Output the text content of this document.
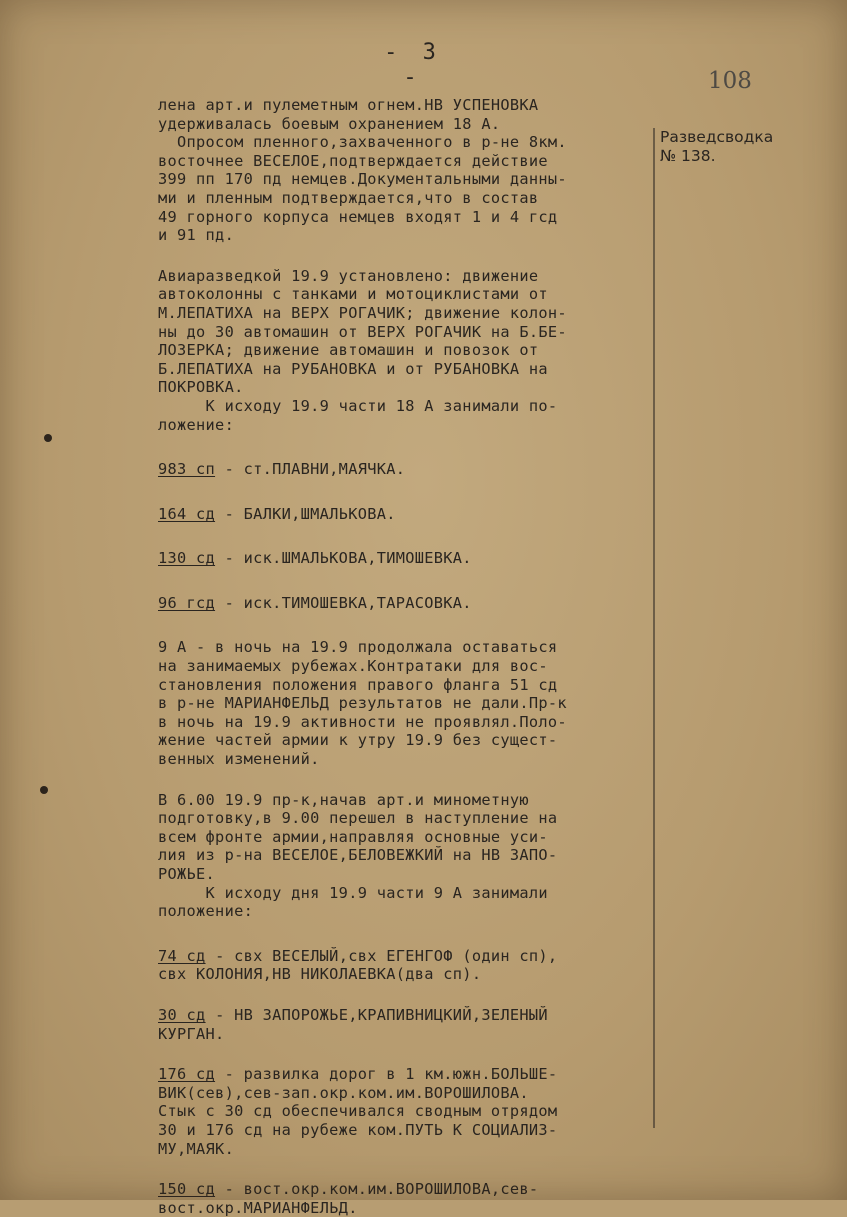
- 3 -	108
Разведсводка
№ 138.
лена арт.и пулеметным огнем.НВ УСПЕНОВКА
удерживалась боевым охранением 18 А.
Опросом пленного,захваченного в р-не 8км.
восточнее ВЕСЕЛОЕ,подтверждается действие
399 пп 170 пд немцев.Документальными данны-
ми и пленным подтверждается,что в состав
49 горного корпуса немцев входят 1 и 4 гсд
и 91 пд.
Авиаразведкой 19.9 установлено: движение
автоколонны с танками и мотоциклистами от
М.ЛЕПАТИХА на ВЕРХ РОГАЧИК; движение колон-
ны до 30 автомашин от ВЕРХ РОГАЧИК на Б.БЕ-
ЛОЗЕРКА; движение автомашин и повозок от
Б.ЛЕПАТИХА на РУБАНОВКА и от РУБАНОВКА на
ПОКРОВКА.
К исходу 19.9 части 18 А занимали по-
ложение:
983 сп - ст.ПЛАВНИ,МАЯЧКА.
164 сд - БАЛКИ,ШМАЛЬКОВА.
130 сд - иск.ШМАЛЬКОВА,ТИМОШЕВКА.
96 гсд - иск.ТИМОШЕВКА,ТАРАСОВКА.
9 А - в ночь на 19.9 продолжала оставаться
на занимаемых рубежах.Контратаки для вос-
становления положения правого фланга 51 сд
в р-не МАРИАНФЕЛЬД результатов не дали.Пр-к
в ночь на 19.9 активности не проявлял.Поло-
жение частей армии к утру 19.9 без сущест-
венных изменений.
В 6.00 19.9 пр-к,начав арт.и минометную
подготовку,в 9.00 перешел в наступление на
всем фронте армии,направляя основные уси-
лия из р-на ВЕСЕЛОЕ,БЕЛОВЕЖКИЙ на НВ ЗАПО-
РОЖЬЕ.
К исходу дня 19.9 части 9 А занимали
положение:
74 сд - свх ВЕСЕЛЫЙ,свх ЕГЕНГОФ (один сп),
свх КОЛОНИЯ,НВ НИКОЛАЕВКА(два сп).
30 сд - НВ ЗАПОРОЖЬЕ,КРАПИВНИЦКИЙ,ЗЕЛЕНЫЙ
КУРГАН.
176 сд - развилка дорог в 1 км.южн.БОЛЬШЕ-
ВИК(сев),сев-зап.окр.ком.им.ВОРОШИЛОВА.
Стык с 30 сд обеспечивался сводным отрядом
30 и 176 сд на рубеже ком.ПУТЬ К СОЦИАЛИЗ-
МУ,МАЯК.
150 сд - вост.окр.ком.им.ВОРОШИЛОВА,сев-
вост.окр.МАРИАНФЕЛЬД.
